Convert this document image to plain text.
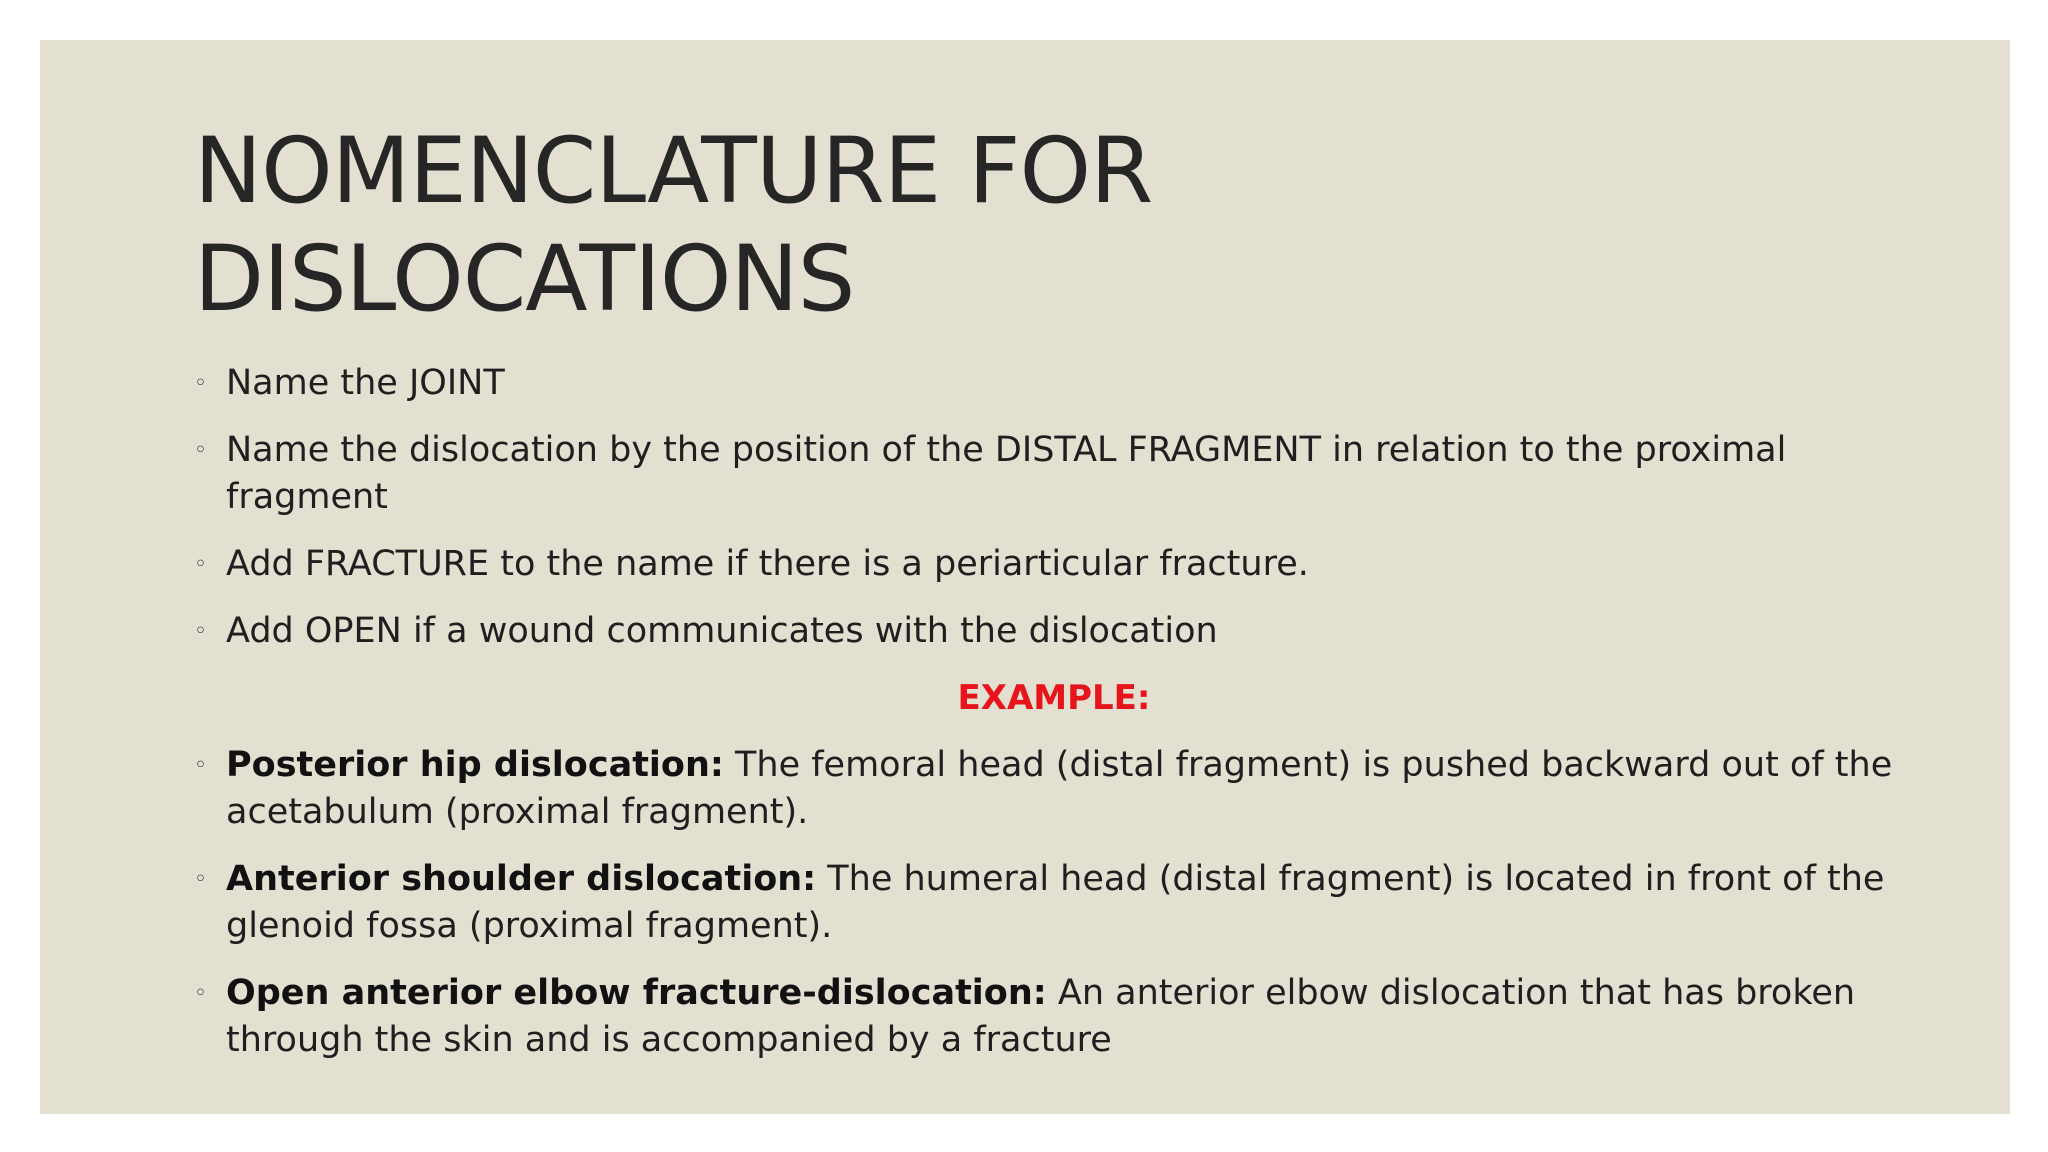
NOMENCLATURE FOR
DISLOCATIONS
◦ Name the JOINT
◦ Name the dislocation by the position of the DISTAL FRAGMENT in relation to the proximal fragment
◦ Add FRACTURE to the name if there is a periarticular fracture.
◦ Add OPEN if a wound communicates with the dislocation
EXAMPLE:
◦ Posterior hip dislocation: The femoral head (distal fragment) is pushed backward out of the acetabulum (proximal fragment).
◦ Anterior shoulder dislocation: The humeral head (distal fragment) is located in front of the glenoid fossa (proximal fragment).
◦ Open anterior elbow fracture-dislocation: An anterior elbow dislocation that has broken through the skin and is accompanied by a fracture
